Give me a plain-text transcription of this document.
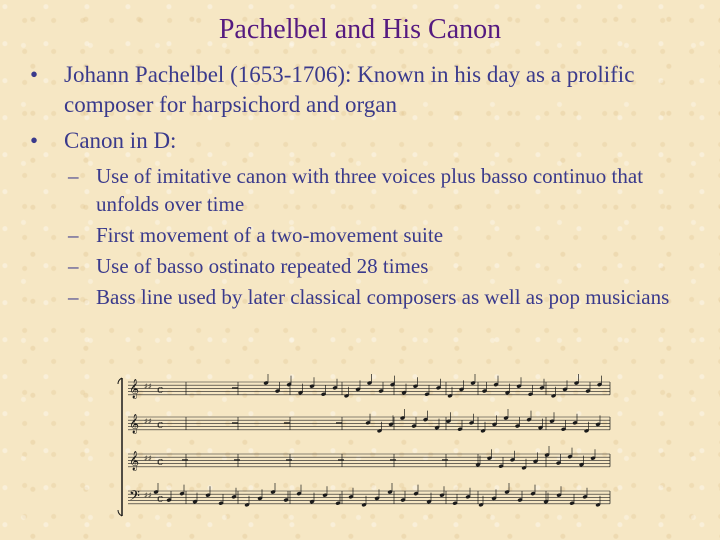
Pachelbel and His Canon
•	Johann Pachelbel (1653-1706): Known in his day as a prolific composer for harpsichord and organ
•	Canon in D:
– Use of imitative canon with three voices plus basso continuo that unfolds over time
– First movement of a two-movement suite
– Use of basso ostinato repeated 28 times
– Bass line used by later classical composers as well as pop musicians
𝄞 ♯♯ c
𝄞 ♯♯ c
𝄞 ♯♯ c
𝄢 ♯♯ c
